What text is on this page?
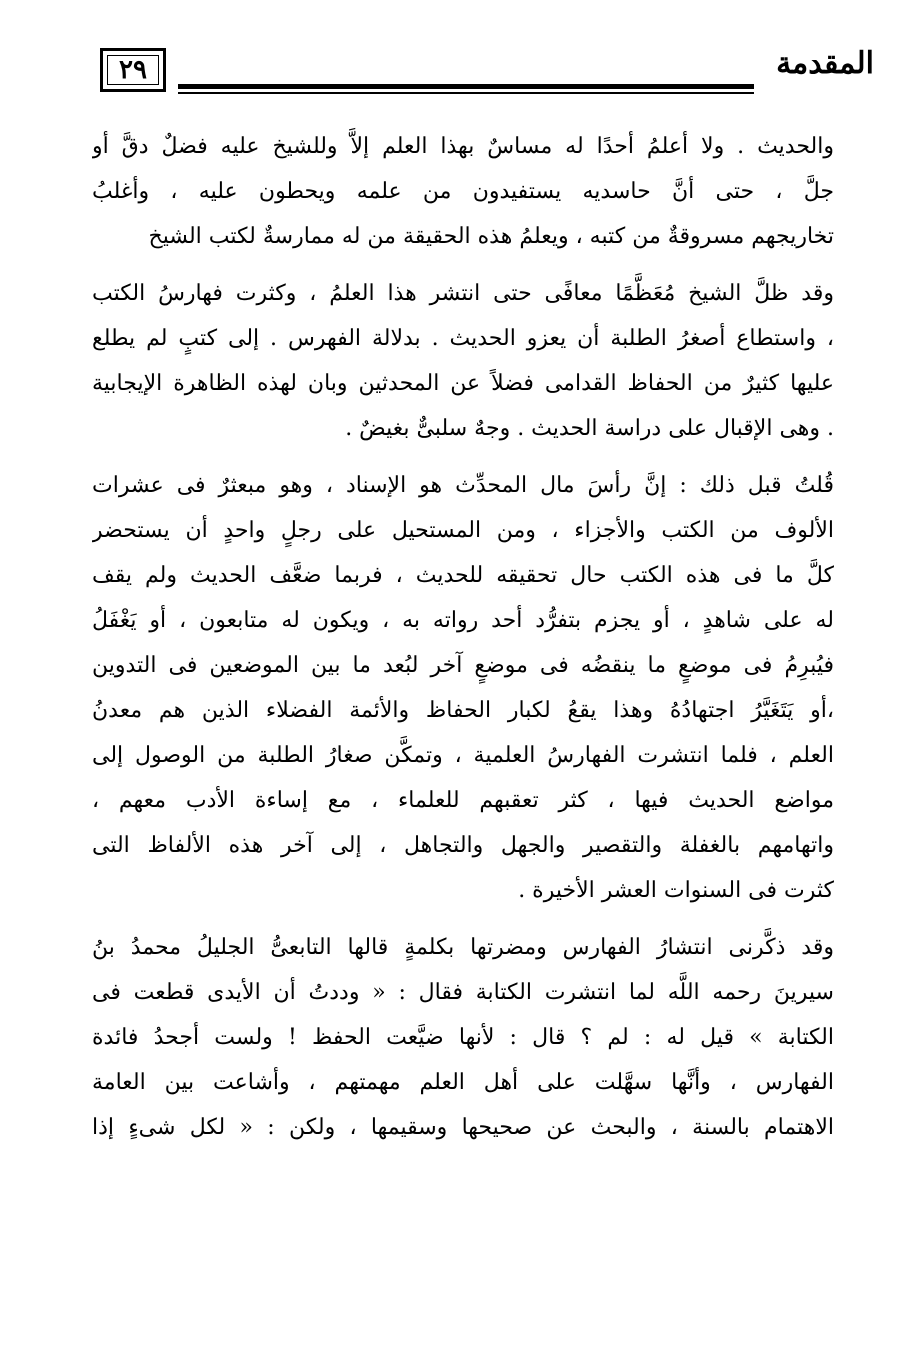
٢٩	المقدمة

والحديث . ولا أعلمُ أحدًا له مساسٌ بهذا العلم إلاَّ وللشيخ عليه فضلٌ دقَّ أو
جلَّ ، حتى أنَّ حاسديه يستفيدون من علمه ويحطون عليه ، وأغلبُ
تخاريجهم مسروقةٌ من كتبه ، ويعلمُ هذه الحقيقة من له ممارسةٌ لكتب الشيخ

وقد ظلَّ الشيخ مُعَظَّمًا معافًى حتى انتشر هذا العلمُ ، وكثرت فهارسُ الكتب
، واستطاع أصغرُ الطلبة أن يعزو الحديث . بدلالة الفهرس . إلى كتبٍ لم يطلع
عليها كثيرٌ من الحفاظ القدامى فضلاً عن المحدثين وبان لهذه الظاهرة الإيجابية
. وهى الإقبال على دراسة الحديث . وجهٌ سلبىٌّ بغيضٌ .

قُلتُ قبل ذلك : إنَّ رأسَ مال المحدِّث هو الإسناد ، وهو مبعثرٌ فى عشرات
الألوف من الكتب والأجزاء ، ومن المستحيل على رجلٍ واحدٍ أن يستحضر
كلَّ ما فى هذه الكتب حال تحقيقه للحديث ، فربما ضعَّف الحديث ولم يقف
له على شاهدٍ ، أو يجزم بتفرُّد أحد رواته به ، ويكون له متابعون ، أو يَغْفَلُ
فيُبرِمُ فى موضعٍ ما ينقضُه فى موضعٍ آخر لبُعد ما بين الموضعين فى التدوين
،أو يَتَغَيَّرُ اجتهادُهُ وهذا يقعُ لكبار الحفاظ والأئمة الفضلاء الذين هم معدنُ
العلم ، فلما انتشرت الفهارسُ العلمية ، وتمكَّن صغارُ الطلبة من الوصول إلى
مواضع الحديث فيها ، كثر تعقبهم للعلماء ، مع إساءة الأدب معهم ،
واتهامهم بالغفلة والتقصير والجهل والتجاهل ، إلى آخر هذه الألفاظ التى
كثرت فى السنوات العشر الأخيرة .

وقد ذكَّرنى انتشارُ الفهارس ومضرتها بكلمةٍ قالها التابعىُّ الجليلُ محمدُ بنُ
سيرينَ رحمه اللَّه لما انتشرت الكتابة فقال : « وددتُ أن الأيدى قطعت فى
الكتابة » قيل له : لم ؟ قال : لأنها ضيَّعت الحفظ ! ولست أجحدُ فائدة
الفهارس ، وأنَّها سهَّلت على أهل العلم مهمتهم ، وأشاعت بين العامة
الاهتمام بالسنة ، والبحث عن صحيحها وسقيمها ، ولكن : « لكل شىءٍ إذا
